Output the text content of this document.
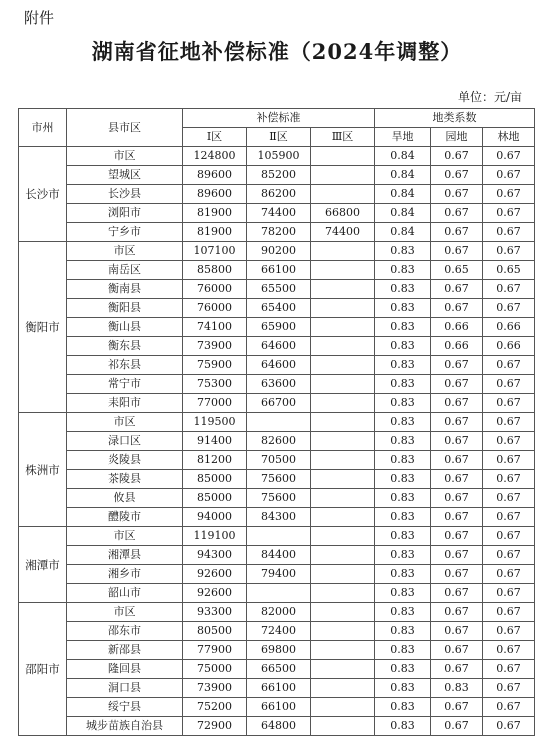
附件
湖南省征地补偿标准（2024年调整）
单位：元/亩
市州	县市区	补偿标准			地类系数		
		Ⅰ区	Ⅱ区	Ⅲ区	旱地	园地	林地
长沙市	市区	124800	105900		0.84	0.67	0.67
	望城区	89600	85200		0.84	0.67	0.67
	长沙县	89600	86200		0.84	0.67	0.67
	浏阳市	81900	74400	66800	0.84	0.67	0.67
	宁乡市	81900	78200	74400	0.84	0.67	0.67
衡阳市	市区	107100	90200		0.83	0.67	0.67
	南岳区	85800	66100		0.83	0.65	0.65
	衡南县	76000	65500		0.83	0.67	0.67
	衡阳县	76000	65400		0.83	0.67	0.67
	衡山县	74100	65900		0.83	0.66	0.66
	衡东县	73900	64600		0.83	0.66	0.66
	祁东县	75900	64600		0.83	0.67	0.67
	常宁市	75300	63600		0.83	0.67	0.67
	耒阳市	77000	66700		0.83	0.67	0.67
株洲市	市区	119500			0.83	0.67	0.67
	渌口区	91400	82600		0.83	0.67	0.67
	炎陵县	81200	70500		0.83	0.67	0.67
	茶陵县	85000	75600		0.83	0.67	0.67
	攸县	85000	75600		0.83	0.67	0.67
	醴陵市	94000	84300		0.83	0.67	0.67
湘潭市	市区	119100			0.83	0.67	0.67
	湘潭县	94300	84400		0.83	0.67	0.67
	湘乡市	92600	79400		0.83	0.67	0.67
	韶山市	92600			0.83	0.67	0.67
邵阳市	市区	93300	82000		0.83	0.67	0.67
	邵东市	80500	72400		0.83	0.67	0.67
	新邵县	77900	69800		0.83	0.67	0.67
	隆回县	75000	66500		0.83	0.67	0.67
	洞口县	73900	66100		0.83	0.83	0.67
	绥宁县	75200	66100		0.83	0.67	0.67
	城步苗族自治县	72900	64800		0.83	0.67	0.67
